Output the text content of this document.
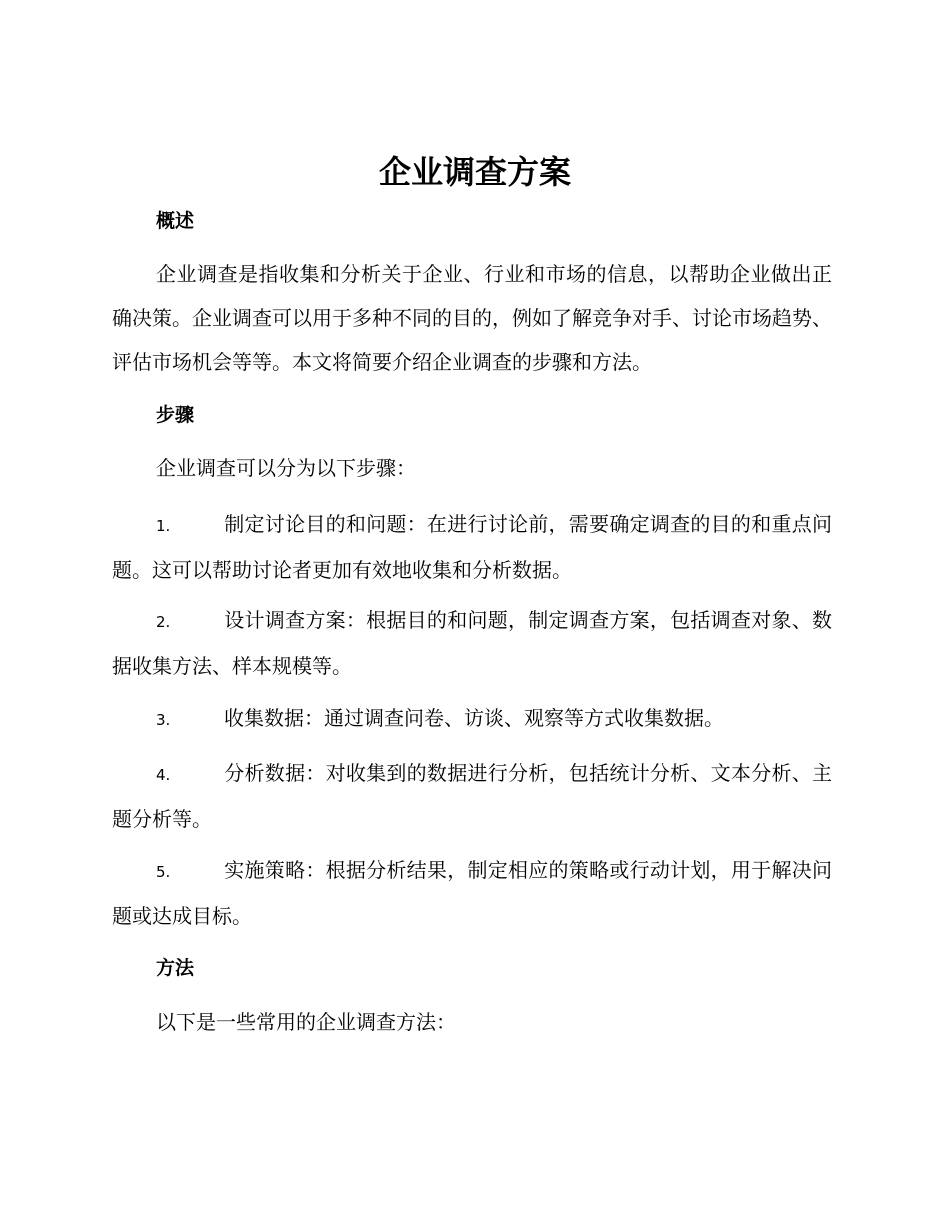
企业调查方案
概述

企业调查是指收集和分析关于企业、行业和市场的信息，以帮助企业做出正确决策。企业调查可以用于多种不同的目的，例如了解竞争对手、讨论市场趋势、评估市场机会等等。本文将简要介绍企业调查的步骤和方法。

步骤

企业调查可以分为以下步骤：

1.	制定讨论目的和问题：在进行讨论前，需要确定调查的目的和重点问题。这可以帮助讨论者更加有效地收集和分析数据。

2.	设计调查方案：根据目的和问题，制定调查方案，包括调查对象、数据收集方法、样本规模等。

3.	收集数据：通过调查问卷、访谈、观察等方式收集数据。

4.	分析数据：对收集到的数据进行分析，包括统计分析、文本分析、主题分析等。

5.	实施策略：根据分析结果，制定相应的策略或行动计划，用于解决问题或达成目标。

方法

以下是一些常用的企业调查方法：
